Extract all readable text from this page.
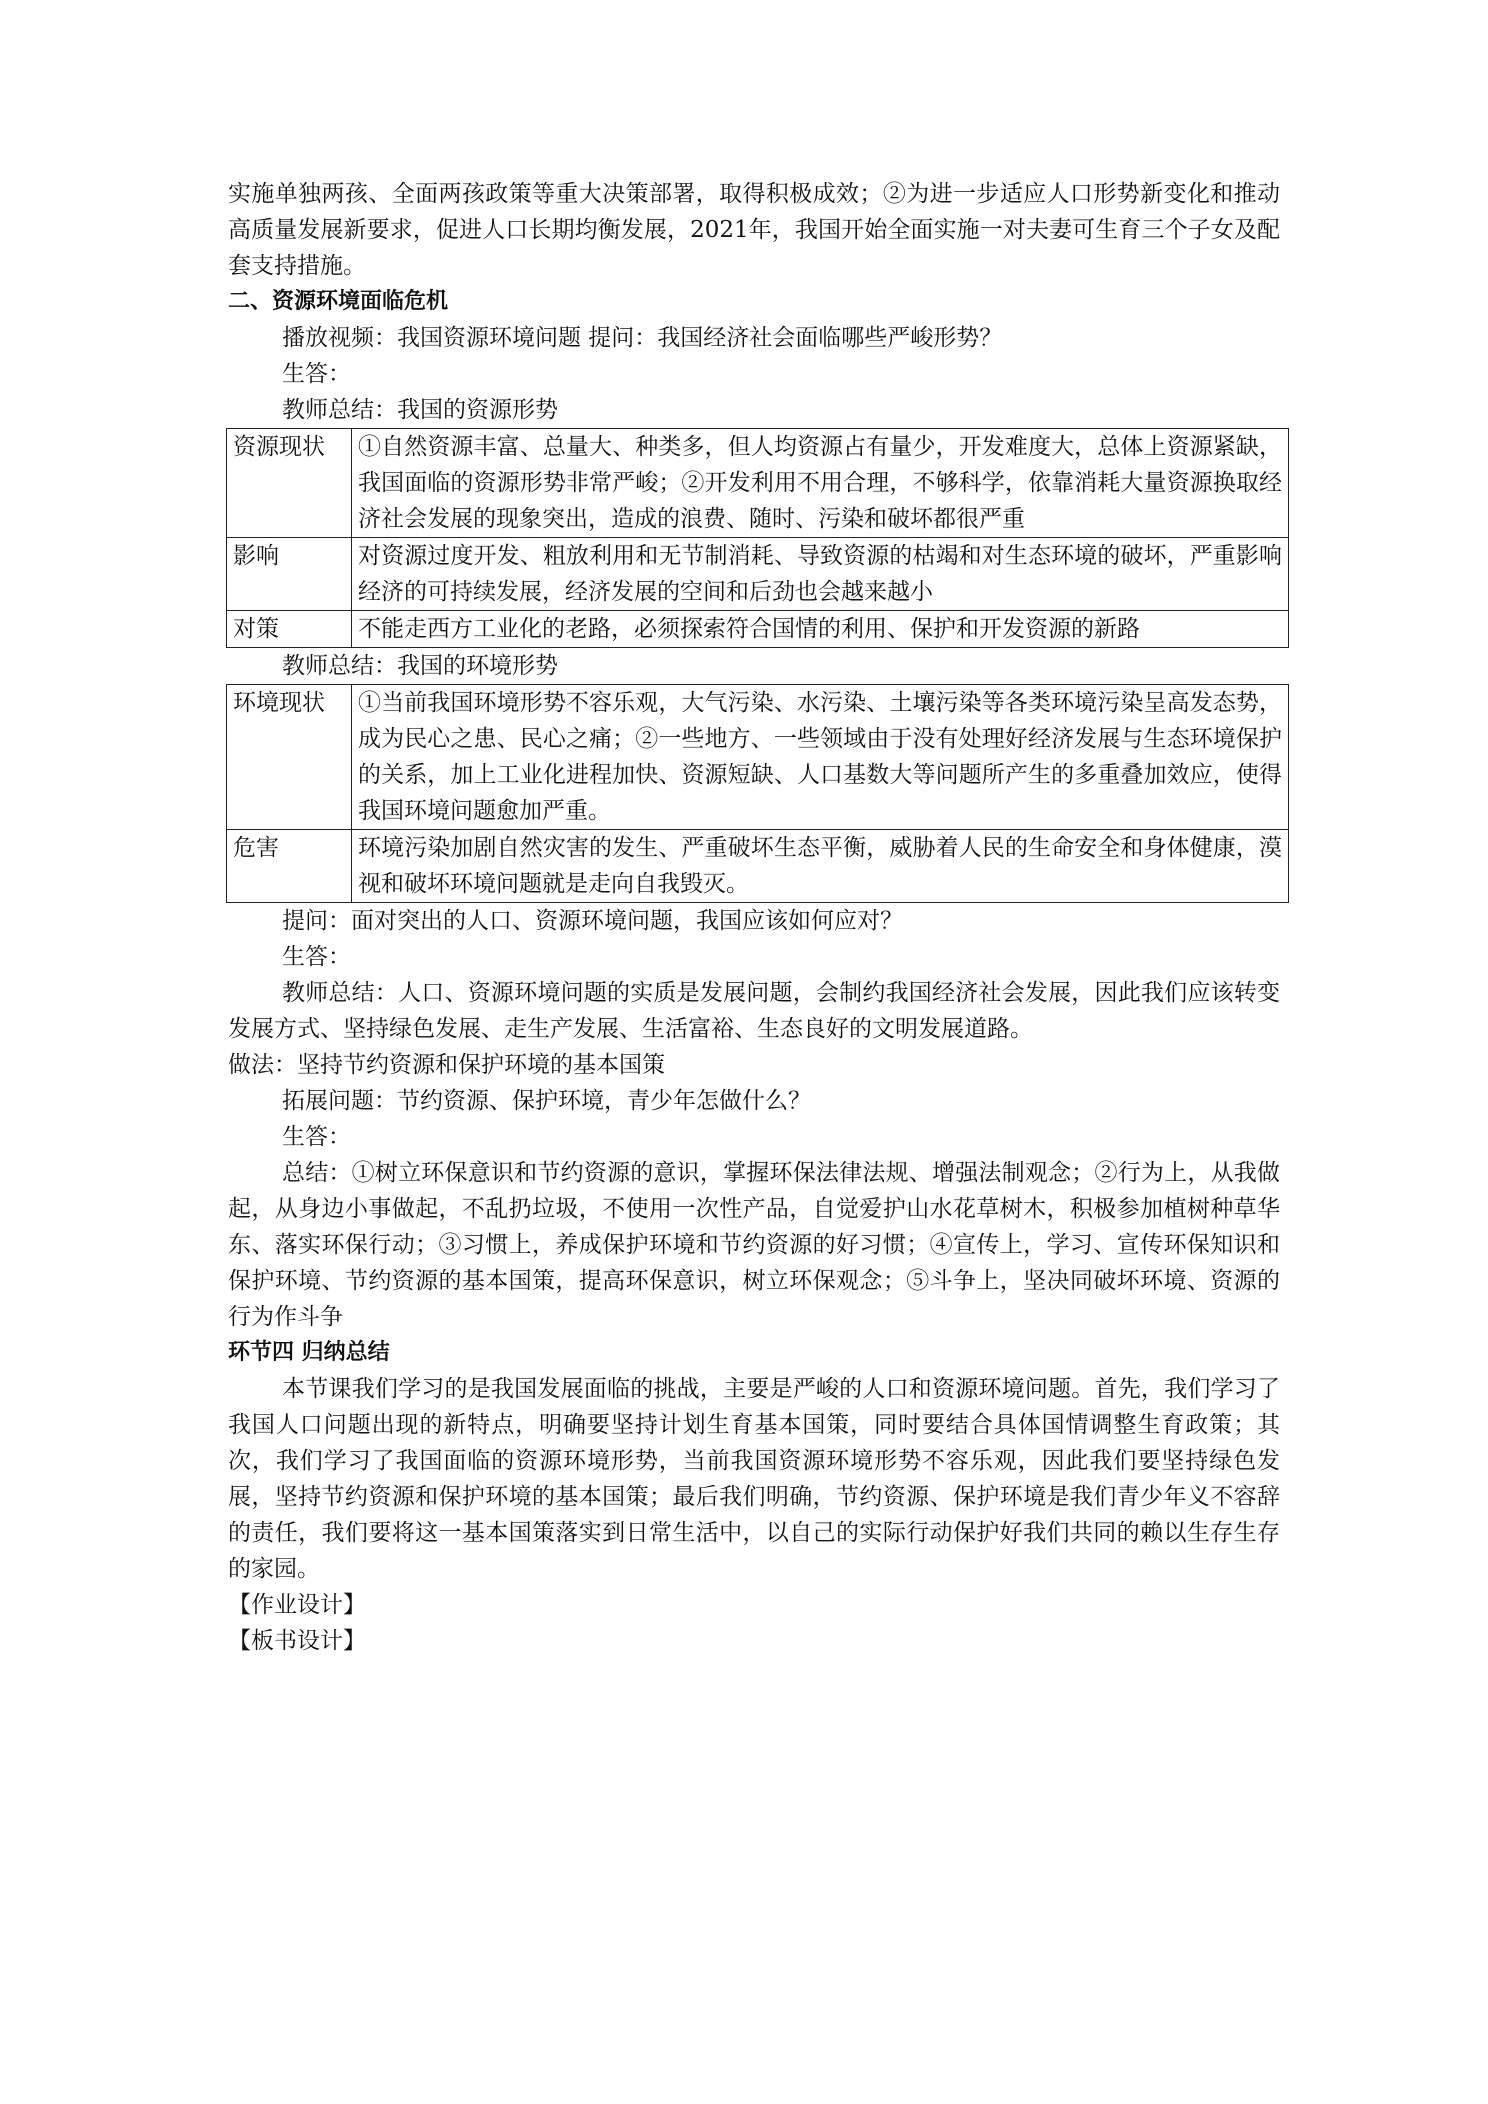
实施单独两孩、全面两孩政策等重大决策部署，取得积极成效；②为进一步适应人口形势新变化和推动高质量发展新要求，促进人口长期均衡发展，2021年，我国开始全面实施一对夫妻可生育三个子女及配套支持措施。

二、资源环境面临危机

播放视频：我国资源环境问题 提问：我国经济社会面临哪些严峻形势？

生答：

教师总结：我国的资源形势

资源现状	①自然资源丰富、总量大、种类多，但人均资源占有量少，开发难度大，总体上资源紧缺，我国面临的资源形势非常严峻；②开发利用不用合理，不够科学，依靠消耗大量资源换取经济社会发展的现象突出，造成的浪费、随时、污染和破坏都很严重
影响	对资源过度开发、粗放利用和无节制消耗、导致资源的枯竭和对生态环境的破坏，严重影响经济的可持续发展，经济发展的空间和后劲也会越来越小
对策	不能走西方工业化的老路，必须探索符合国情的利用、保护和开发资源的新路

教师总结：我国的环境形势

环境现状	①当前我国环境形势不容乐观，大气污染、水污染、土壤污染等各类环境污染呈高发态势，成为民心之患、民心之痛；②一些地方、一些领域由于没有处理好经济发展与生态环境保护的关系，加上工业化进程加快、资源短缺、人口基数大等问题所产生的多重叠加效应，使得我国环境问题愈加严重。
危害	环境污染加剧自然灾害的发生、严重破坏生态平衡，威胁着人民的生命安全和身体健康，漠视和破坏环境问题就是走向自我毁灭。

提问：面对突出的人口、资源环境问题，我国应该如何应对？

生答：

教师总结：人口、资源环境问题的实质是发展问题，会制约我国经济社会发展，因此我们应该转变发展方式、坚持绿色发展、走生产发展、生活富裕、生态良好的文明发展道路。

做法：坚持节约资源和保护环境的基本国策

拓展问题：节约资源、保护环境，青少年怎做什么？

生答：

总结：①树立环保意识和节约资源的意识，掌握环保法律法规、增强法制观念；②行为上，从我做起，从身边小事做起，不乱扔垃圾，不使用一次性产品，自觉爱护山水花草树木，积极参加植树种草华东、落实环保行动；③习惯上，养成保护环境和节约资源的好习惯；④宣传上，学习、宣传环保知识和保护环境、节约资源的基本国策，提高环保意识，树立环保观念；⑤斗争上，坚决同破坏环境、资源的行为作斗争

环节四 归纳总结

本节课我们学习的是我国发展面临的挑战，主要是严峻的人口和资源环境问题。首先，我们学习了我国人口问题出现的新特点，明确要坚持计划生育基本国策，同时要结合具体国情调整生育政策；其次，我们学习了我国面临的资源环境形势，当前我国资源环境形势不容乐观，因此我们要坚持绿色发展，坚持节约资源和保护环境的基本国策；最后我们明确，节约资源、保护环境是我们青少年义不容辞的责任，我们要将这一基本国策落实到日常生活中，以自己的实际行动保护好我们共同的赖以生存生存的家园。

【作业设计】

【板书设计】
